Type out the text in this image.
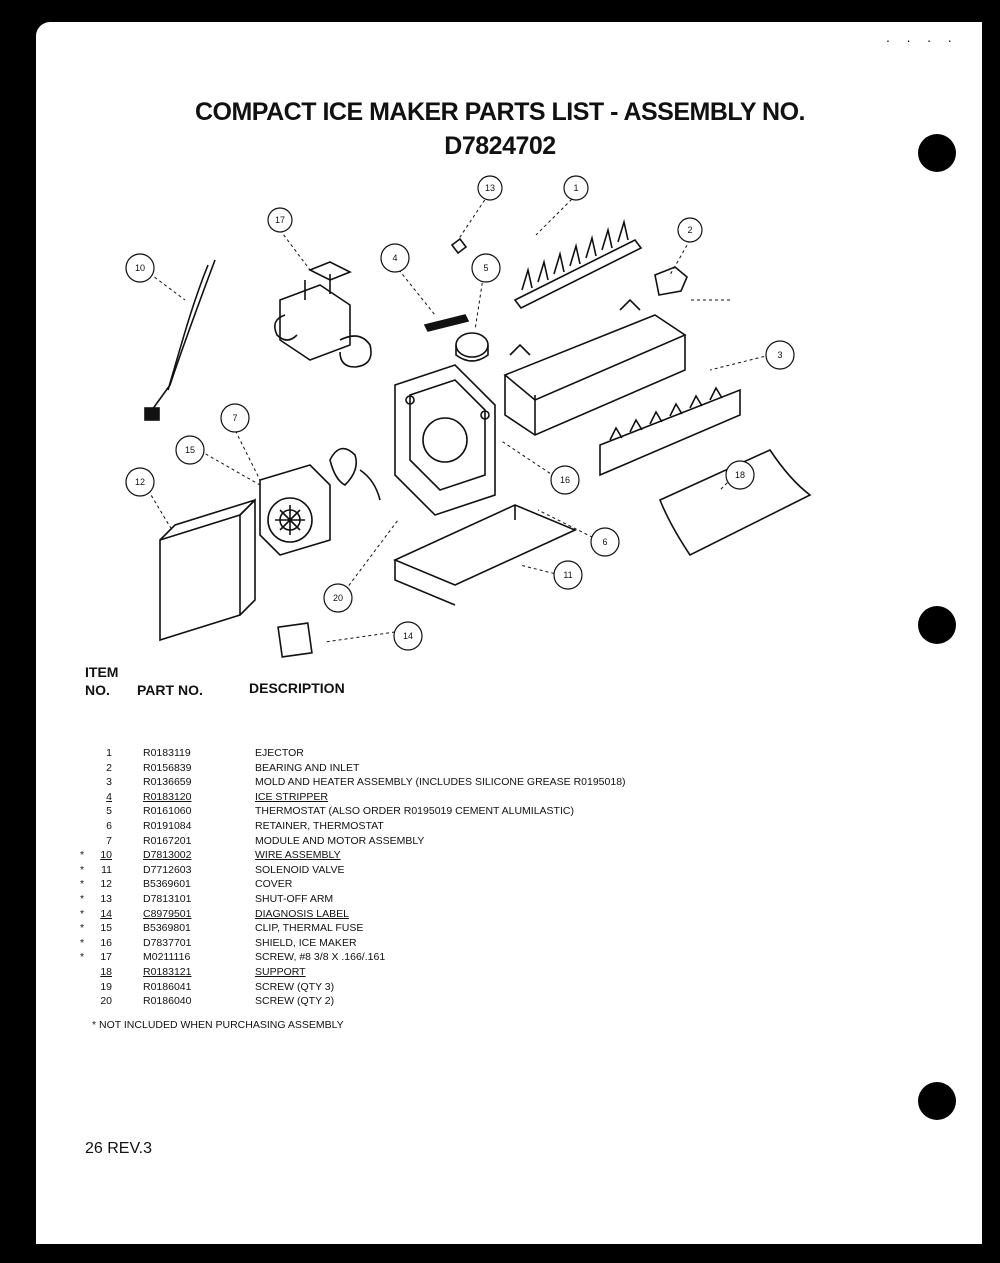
· · · ·
COMPACT ICE MAKER PARTS LIST - ASSEMBLY NO.
D7824702
10
17
4
5
13	1
2
3
7
15
12	16	18
6
11
20
14
ITEM
NO. PART NO.	DESCRIPTION
1	R0183119	EJECTOR
2	R0156839	BEARING AND INLET
3	R0136659	MOLD AND HEATER ASSEMBLY (INCLUDES SILICONE GREASE R0195018)
4	R0183120	ICE STRIPPER
5	R0161060	THERMOSTAT (ALSO ORDER R0195019 CEMENT ALUMILASTIC)
6	R0191084	RETAINER, THERMOSTAT
7	R0167201	MODULE AND MOTOR ASSEMBLY
*	10	D7813002	WIRE ASSEMBLY
*	11	D7712603	SOLENOID VALVE
*	12	B5369601	COVER
*	13	D7813101	SHUT-OFF ARM
*	14	C8979501	DIAGNOSIS LABEL
*	15	B5369801	CLIP, THERMAL FUSE
*	16	D7837701	SHIELD, ICE MAKER
*	17	M0211116	SCREW, #8 3/8 X .166/.161
18	R0183121	SUPPORT
19	R0186041	SCREW (QTY 3)
20	R0186040	SCREW (QTY 2)
* NOT INCLUDED WHEN PURCHASING ASSEMBLY
26 REV.3
